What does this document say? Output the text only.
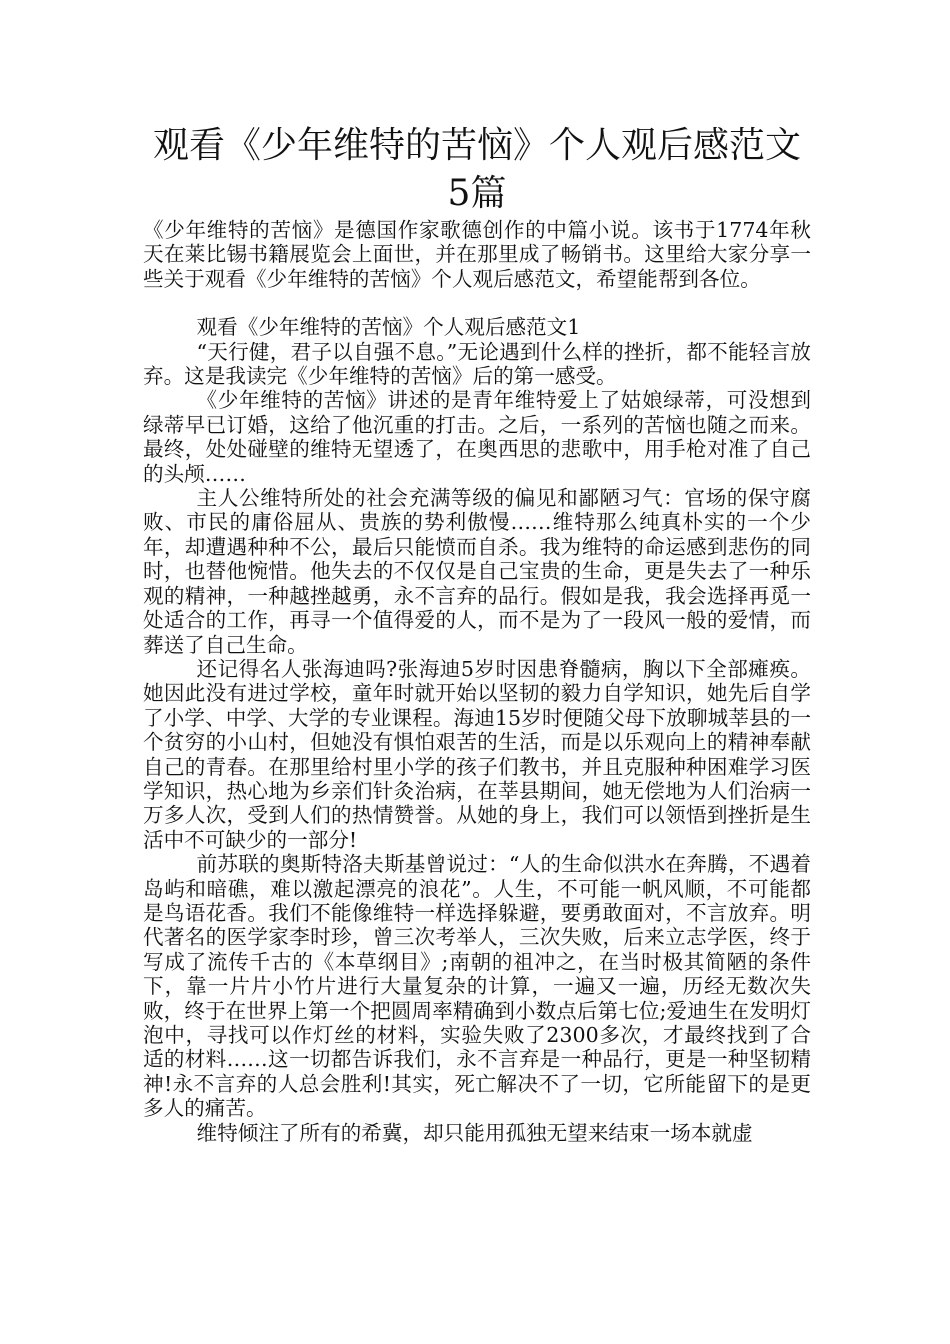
观看《少年维特的苦恼》个人观后感范文5篇

《少年维特的苦恼》是德国作家歌德创作的中篇小说。该书于1774年秋天在莱比锡书籍展览会上面世，并在那里成了畅销书。这里给大家分享一些关于观看《少年维特的苦恼》个人观后感范文，希望能帮到各位。

观看《少年维特的苦恼》个人观后感范文1

“天行健，君子以自强不息。”无论遇到什么样的挫折，都不能轻言放弃。这是我读完《少年维特的苦恼》后的第一感受。

《少年维特的苦恼》讲述的是青年维特爱上了姑娘绿蒂，可没想到绿蒂早已订婚，这给了他沉重的打击。之后，一系列的苦恼也随之而来。最终，处处碰壁的维特无望透了，在奥西思的悲歌中，用手枪对准了自己的头颅……

主人公维特所处的社会充满等级的偏见和鄙陋习气：官场的保守腐败、市民的庸俗屈从、贵族的势利傲慢……维特那么纯真朴实的一个少年，却遭遇种种不公，最后只能愤而自杀。我为维特的命运感到悲伤的同时，也替他惋惜。他失去的不仅仅是自己宝贵的生命，更是失去了一种乐观的精神，一种越挫越勇，永不言弃的品行。假如是我，我会选择再觅一处适合的工作，再寻一个值得爱的人，而不是为了一段风一般的爱情，而葬送了自己生命。

还记得名人张海迪吗?张海迪5岁时因患脊髓病，胸以下全部瘫痪。她因此没有进过学校，童年时就开始以坚韧的毅力自学知识，她先后自学了小学、中学、大学的专业课程。海迪15岁时便随父母下放聊城莘县的一个贫穷的小山村，但她没有惧怕艰苦的生活，而是以乐观向上的精神奉献自己的青春。在那里给村里小学的孩子们教书，并且克服种种困难学习医学知识，热心地为乡亲们针灸治病，在莘县期间，她无偿地为人们治病一万多人次，受到人们的热情赞誉。从她的身上，我们可以领悟到挫折是生活中不可缺少的一部分!

前苏联的奥斯特洛夫斯基曾说过：“人的生命似洪水在奔腾，不遇着岛屿和暗礁，难以激起漂亮的浪花”。人生，不可能一帆风顺，不可能都是鸟语花香。我们不能像维特一样选择躲避，要勇敢面对，不言放弃。明代著名的医学家李时珍，曾三次考举人，三次失败，后来立志学医，终于写成了流传千古的《本草纲目》;南朝的祖冲之，在当时极其简陋的条件下，靠一片片小竹片进行大量复杂的计算，一遍又一遍，历经无数次失败，终于在世界上第一个把圆周率精确到小数点后第七位;爱迪生在发明灯泡中，寻找可以作灯丝的材料，实验失败了2300多次，才最终找到了合适的材料……这一切都告诉我们，永不言弃是一种品行，更是一种坚韧精神!永不言弃的人总会胜利!其实，死亡解决不了一切，它所能留下的是更多人的痛苦。

维特倾注了所有的希冀，却只能用孤独无望来结束一场本就虚
